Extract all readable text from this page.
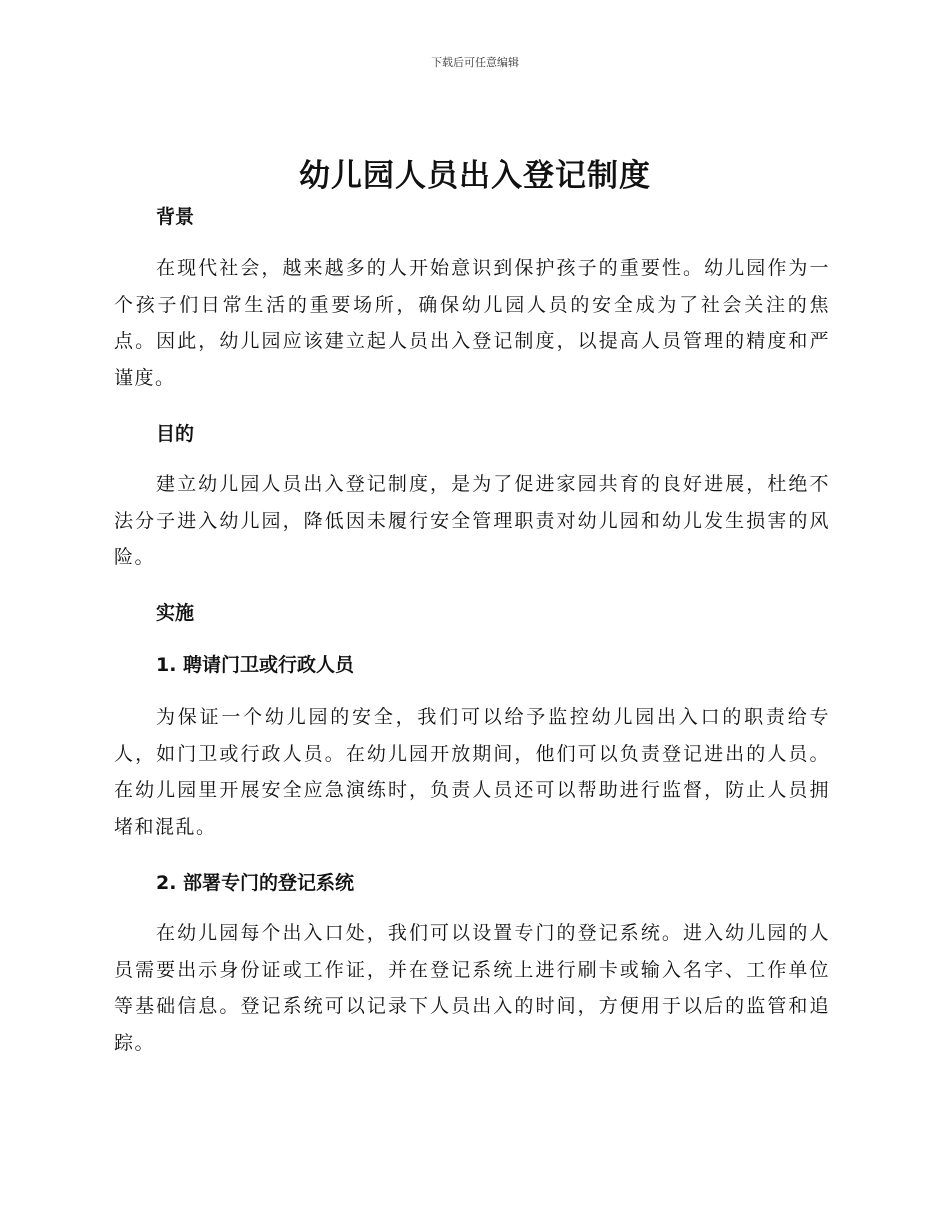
下载后可任意编辑
幼儿园人员出入登记制度
背景

在现代社会，越来越多的人开始意识到保护孩子的重要性。幼儿园作为一个孩子们日常生活的重要场所，确保幼儿园人员的安全成为了社会关注的焦点。因此，幼儿园应该建立起人员出入登记制度，以提高人员管理的精度和严谨度。

目的

建立幼儿园人员出入登记制度，是为了促进家园共育的良好进展，杜绝不法分子进入幼儿园，降低因未履行安全管理职责对幼儿园和幼儿发生损害的风险。

实施
1. 聘请门卫或行政人员

为保证一个幼儿园的安全，我们可以给予监控幼儿园出入口的职责给专人，如门卫或行政人员。在幼儿园开放期间，他们可以负责登记进出的人员。在幼儿园里开展安全应急演练时，负责人员还可以帮助进行监督，防止人员拥堵和混乱。

2. 部署专门的登记系统

在幼儿园每个出入口处，我们可以设置专门的登记系统。进入幼儿园的人员需要出示身份证或工作证，并在登记系统上进行刷卡或输入名字、工作单位等基础信息。登记系统可以记录下人员出入的时间，方便用于以后的监管和追踪。
